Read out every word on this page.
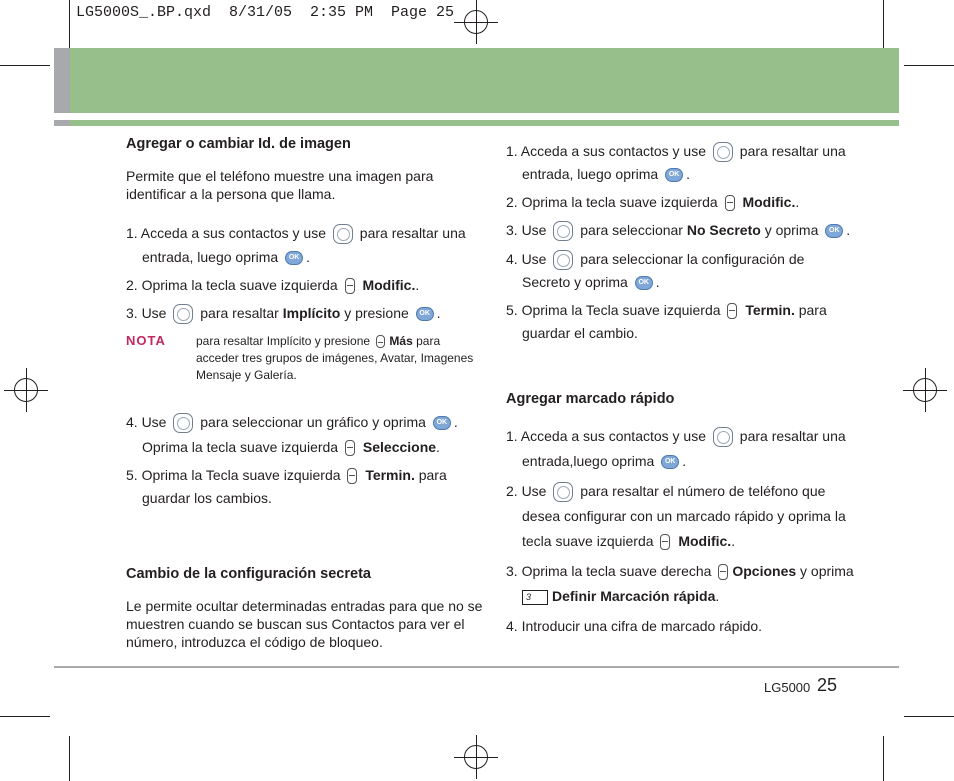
LG5000S_.BP.qxd  8/31/05  2:35 PM  Page 25
Agregar o cambiar Id. de imagen
Permite que el teléfono muestre una imagen para
identificar a la persona que llama.
1. Acceda a sus contactos y use para resaltar una
entrada, luego oprima OK .
2. Oprima la tecla suave izquierda Modific..
3. Use para resaltar Implícito y presione OK .
NOTA	para resaltar Implícito y presione Más para
acceder tres grupos de imágenes, Avatar, Imagenes
Mensaje y Galería.
4. Use para seleccionar un gráfico y oprima OK .
Oprima la tecla suave izquierda Seleccione.
5. Oprima la Tecla suave izquierda Termin. para
guardar los cambios.
Cambio de la configuración secreta
Le permite ocultar determinadas entradas para que no se
muestren cuando se buscan sus Contactos para ver el
número, introduzca el código de bloqueo.
1. Acceda a sus contactos y use para resaltar una
entrada, luego oprima OK .
2. Oprima la tecla suave izquierda Modific..
3. Use para seleccionar No Secreto y oprima OK .
4. Use para seleccionar la configuración de
Secreto y oprima OK .
5. Oprima la Tecla suave izquierda Termin. para
guardar el cambio.
Agregar marcado rápido
1. Acceda a sus contactos y use para resaltar una
entrada,luego oprima OK .
2. Use para resaltar el número de teléfono que
desea configurar con un marcado rápido y oprima la
tecla suave izquierda Modific..
3. Oprima la tecla suave derecha Opciones y oprima
3 Definir Marcación rápida.
4. Introducir una cifra de marcado rápido.
LG5000 25
